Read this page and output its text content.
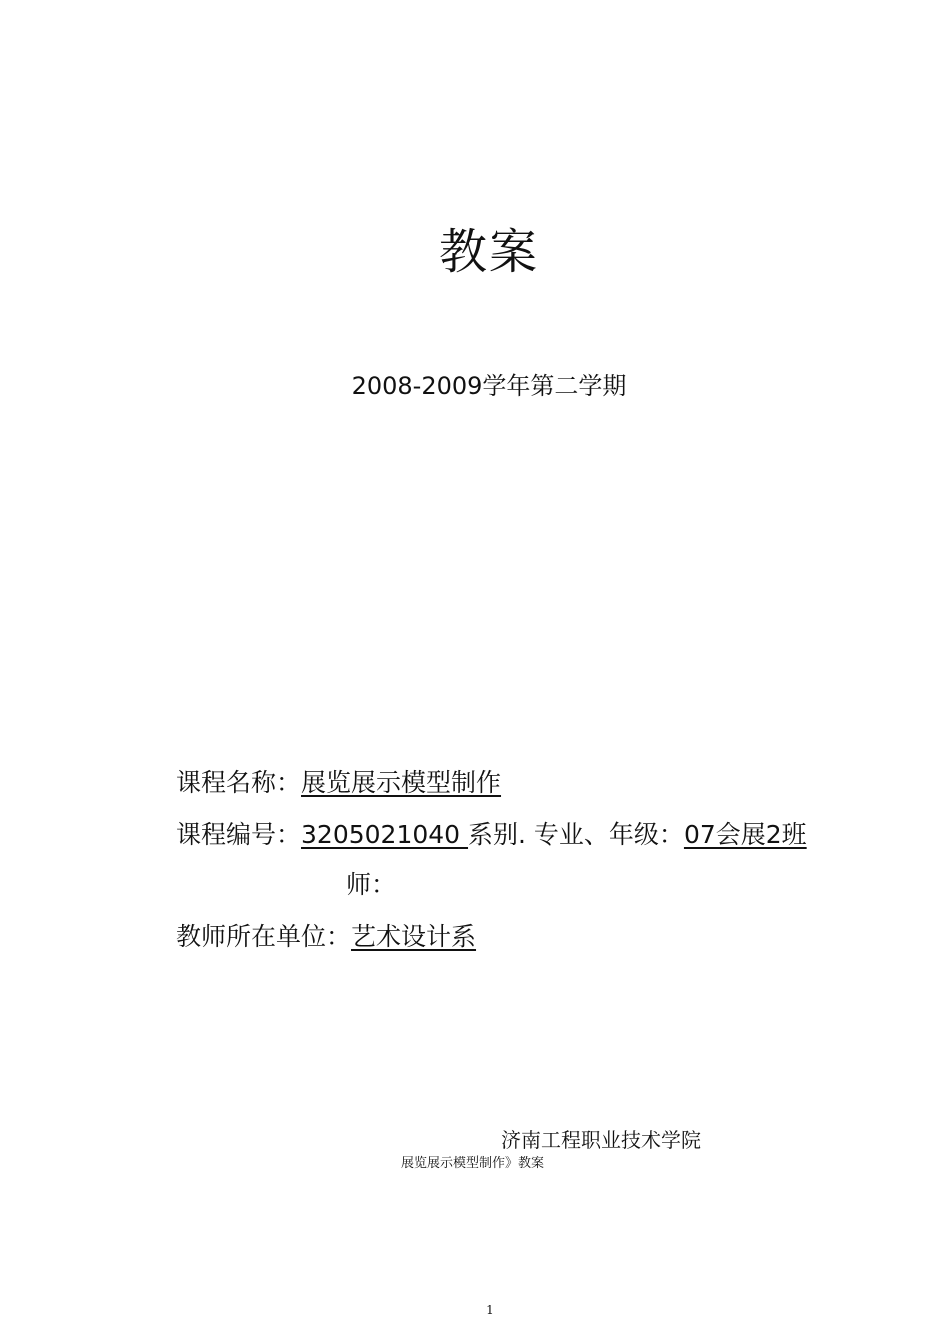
教案
2008-2009学年第二学期
课程名称：展览展示模型制作
课程编号：3205021040 系别. 专业、年级：07会展2班
师：
教师所在单位：艺术设计系
济南工程职业技术学院
展览展示模型制作》教案
1
